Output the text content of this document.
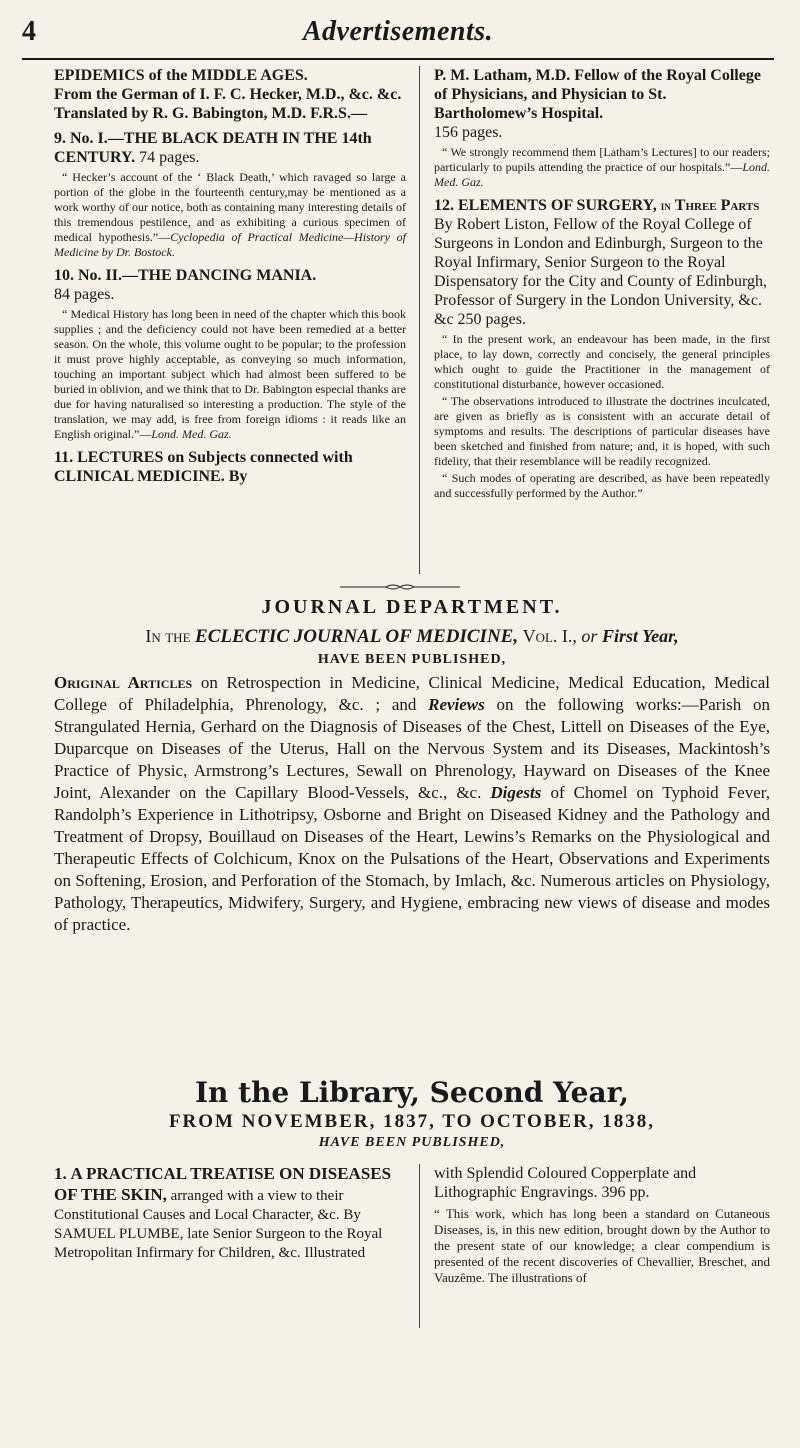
4	Advertisements.
EPIDEMICS of the MIDDLE AGES.
From the German of I. F. C. Hecker, M.D., &c. &c. Translated by R. G. Babington, M.D. F.R.S.—
9. No. I.—THE BLACK DEATH IN THE 14th CENTURY. 74 pages.

“ Hecker’s account of the ‘ Black Death,’ which ravaged so large a portion of the globe in the fourteenth century,may be mentioned as a work worthy of our notice, both as containing many interesting details of this tremendous pestilence, and as exhibiting a curious specimen of medical hypothesis.”—Cyclopedia of Practical Medicine—History of Medicine by Dr. Bostock.

10. No. II.—THE DANCING MANIA.
84 pages.

“ Medical History has long been in need of the chapter which this book supplies ; and the deficiency could not have been remedied at a better season. On the whole, this volume ought to be popular; to the profession it must prove highly acceptable, as conveying so much information, touching an important subject which had almost been suffered to be buried in oblivion, and we think that to Dr. Babington especial thanks are due for having naturalised so interesting a production. The style of the translation, we may add, is free from foreign idioms : it reads like an English original.”—Lond. Med. Gaz.

11. LECTURES on Subjects connected with CLINICAL MEDICINE. By
P. M. Latham, M.D. Fellow of the Royal College of Physicians, and Physician to St. Bartholomew’s Hospital.
156 pages.

“ We strongly recommend them [Latham’s Lectures] to our readers; particularly to pupils attending the practice of our hospitals.”—Lond. Med. Gaz.

12. ELEMENTS OF SURGERY, in Three Parts By Robert Liston, Fellow of the Royal College of Surgeons in London and Edinburgh, Surgeon to the Royal Infirmary, Senior Surgeon to the Royal Dispensatory for the City and County of Edinburgh, Professor of Surgery in the London University, &c. &c 250 pages.

“ In the present work, an endeavour has been made, in the first place, to lay down, correctly and concisely, the general principles which ought to guide the Practitioner in the management of constitutional disturbance, however occasioned.

“ The observations introduced to illustrate the doctrines inculcated, are given as briefly as is consistent with an accurate detail of symptoms and results. The descriptions of particular diseases have been sketched and finished from nature; and, it is hoped, with such fidelity, that their resemblance will be readily recognized.

“ Such modes of operating are described, as have been repeatedly and successfully performed by the Author.”

JOURNAL DEPARTMENT.

In the ECLECTIC JOURNAL OF MEDICINE, Vol. I., or First Year,

HAVE BEEN PUBLISHED,

Original Articles on Retrospection in Medicine, Clinical Medicine, Medical Education, Medical College of Philadelphia, Phrenology, &c. ; and Reviews on the following works:—Parish on Strangulated Hernia, Gerhard on the Diagnosis of Diseases of the Chest, Littell on Diseases of the Eye, Duparcque on Diseases of the Uterus, Hall on the Nervous System and its Diseases, Mackintosh’s Practice of Physic, Armstrong’s Lectures, Sewall on Phrenology, Hayward on Diseases of the Knee Joint, Alexander on the Capillary Blood-Vessels, &c., &c. Digests of Chomel on Typhoid Fever, Randolph’s Experience in Lithotripsy, Osborne and Bright on Diseased Kidney and the Pathology and Treatment of Dropsy, Bouillaud on Diseases of the Heart, Lewins’s Remarks on the Physiological and Therapeutic Effects of Colchicum, Knox on the Pulsations of the Heart, Observations and Experiments on Softening, Erosion, and Perforation of the Stomach, by Imlach, &c. Numerous articles on Physiology, Pathology, Therapeutics, Midwifery, Surgery, and Hygiene, embracing new views of disease and modes of practice.

In the Library, Second Year,
FROM NOVEMBER, 1837, TO OCTOBER, 1838,
HAVE BEEN PUBLISHED,
1. A PRACTICAL TREATISE ON DISEASES OF THE SKIN, arranged with a view to their Constitutional Causes and Local Character, &c. By SAMUEL PLUMBE, late Senior Surgeon to the Royal Metropolitan Infirmary for Children, &c. Illustrated

with Splendid Coloured Copperplate and Lithographic Engravings. 396 pp.

“ This work, which has long been a standard on Cutaneous Diseases, is, in this new edition, brought down by the Author to the present state of our knowledge; a clear compendium is presented of the recent discoveries of Chevallier, Breschet, and Vauzême. The illustrations of
